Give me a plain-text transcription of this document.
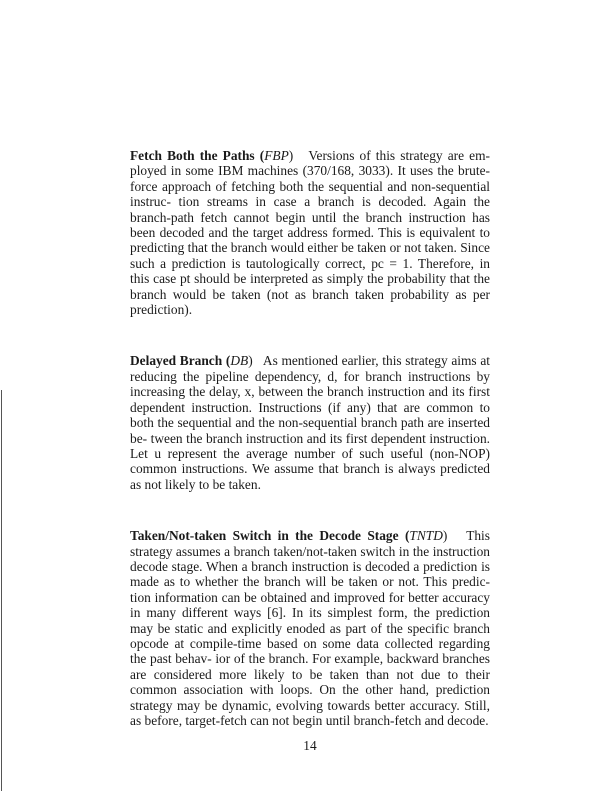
Fetch Both the Paths (FBP) Versions of this strategy are em- ployed in some IBM machines (370/168, 3033). It uses the brute-force approach of fetching both the sequential and non-sequential instruc- tion streams in case a branch is decoded. Again the branch-path fetch cannot begin until the branch instruction has been decoded and the target address formed. This is equivalent to predicting that the branch would either be taken or not taken. Since such a prediction is tautologically correct, pc = 1. Therefore, in this case pt should be interpreted as simply the probability that the branch would be taken (not as branch taken probability as per prediction).

Delayed Branch (DB) As mentioned earlier, this strategy aims at reducing the pipeline dependency, d, for branch instructions by increasing the delay, x, between the branch instruction and its first dependent instruction. Instructions (if any) that are common to both the sequential and the non-sequential branch path are inserted be- tween the branch instruction and its first dependent instruction. Let u represent the average number of such useful (non-NOP) common instructions. We assume that branch is always predicted as not likely to be taken.

Taken/Not-taken Switch in the Decode Stage (TNTD) This strategy assumes a branch taken/not-taken switch in the instruction decode stage. When a branch instruction is decoded a prediction is made as to whether the branch will be taken or not. This predic- tion information can be obtained and improved for better accuracy in many different ways [6]. In its simplest form, the prediction may be static and explicitly enoded as part of the specific branch opcode at compile-time based on some data collected regarding the past behav- ior of the branch. For example, backward branches are considered more likely to be taken than not due to their common association with loops. On the other hand, prediction strategy may be dynamic, evolving towards better accuracy. Still, as before, target-fetch can not begin until branch-fetch and decode.

14
